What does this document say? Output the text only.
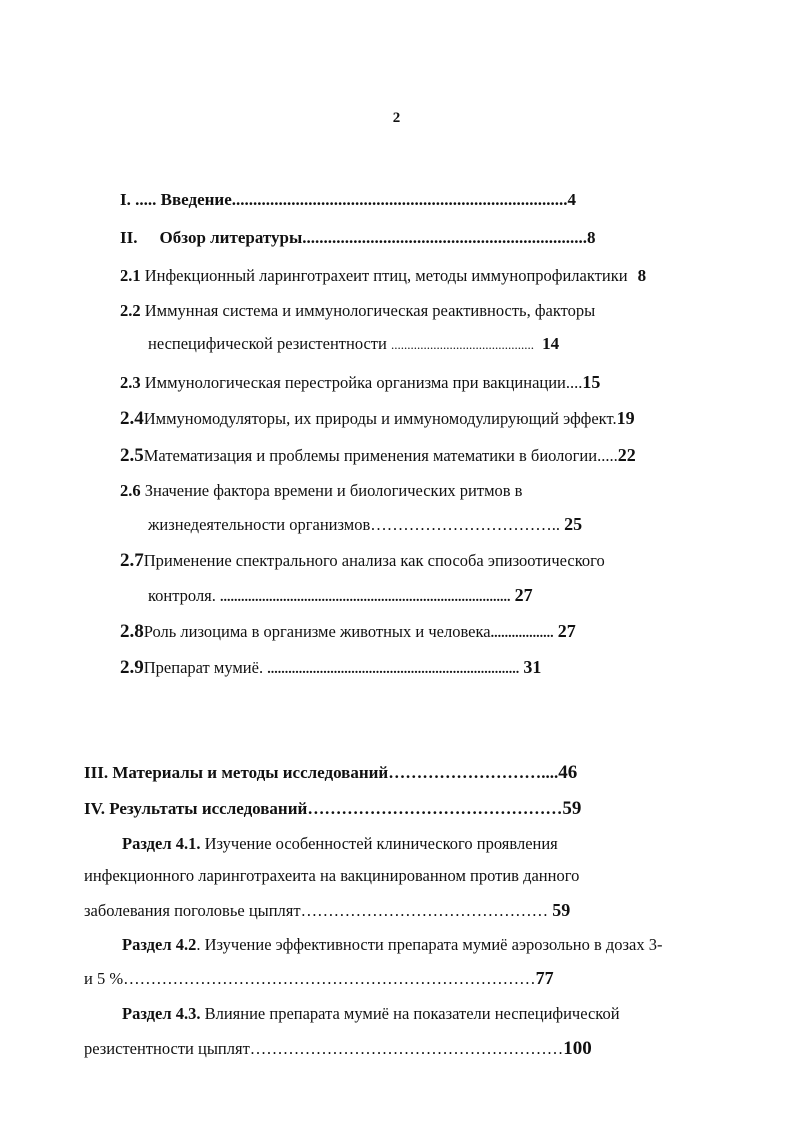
2
I. ..... Введение...............................................................................4
II. Обзор литературы...................................................................8
2.1 Инфекционный ларинготрахеит птиц, методы иммунопрофилактики 8
2.2 Иммунная система и иммунологическая реактивность, факторы
неспецифической резистентности ............................................ 14
2.3 Иммунологическая перестройка организма при вакцинации....15
2.4Иммуномодуляторы, их природы и иммуномодулирующий эффект.19
2.5Математизация и проблемы применения математики в биологии.....22
2.6 Значение фактора времени и биологических ритмов в
жизнедеятельности организмов…………………………….. 25
2.7Применение спектрального анализа как способа эпизоотического
контроля. ................................................................................... 27
2.8Роль лизоцима в организме животных и человека.................. 27
2.9Препарат мумиё. ........................................................................ 31
III. Материалы и методы исследований………………………....46
IV. Результаты исследований………………………………………59
Раздел 4.1. Изучение особенностей клинического проявления
инфекционного ларинготрахеита на вакцинированном против данного
заболевания поголовье цыплят……………………………………… 59
Раздел 4.2. Изучение эффективности препарата мумиё аэрозольно в дозах 3-
и 5 %…………………………………………………………………77
Раздел 4.3. Влияние препарата мумиё на показатели неспецифической
резистентности цыплят…………………………………………………100
